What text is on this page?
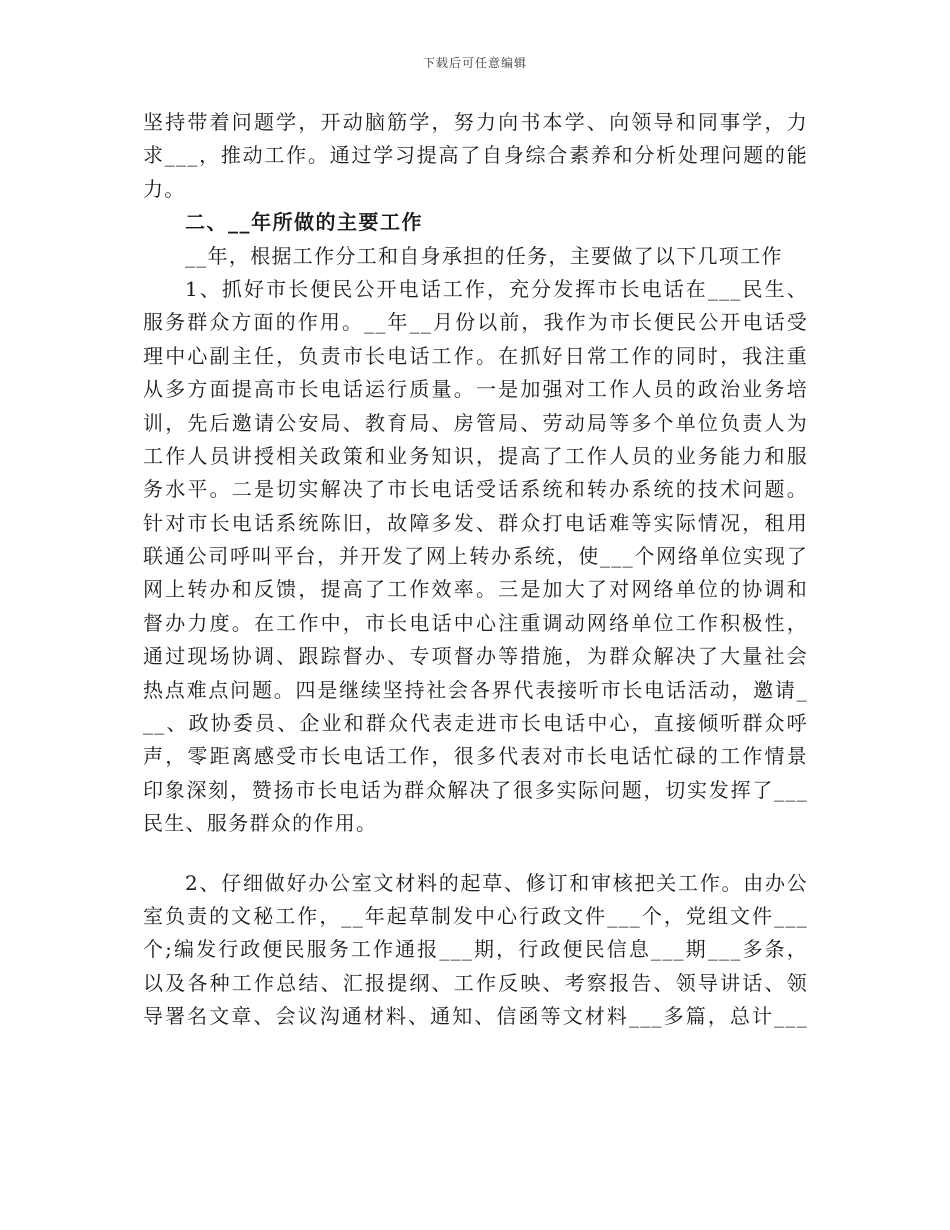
下载后可任意编辑
坚持带着问题学，开动脑筋学，努力向书本学、向领导和同事学，力
求___，推动工作。通过学习提高了自身综合素养和分析处理问题的能
力。
二、__年所做的主要工作
__年，根据工作分工和自身承担的任务，主要做了以下几项工作
1、抓好市长便民公开电话工作，充分发挥市长电话在___民生、
服务群众方面的作用。__年__月份以前，我作为市长便民公开电话受
理中心副主任，负责市长电话工作。在抓好日常工作的同时，我注重
从多方面提高市长电话运行质量。一是加强对工作人员的政治业务培
训，先后邀请公安局、教育局、房管局、劳动局等多个单位负责人为
工作人员讲授相关政策和业务知识，提高了工作人员的业务能力和服
务水平。二是切实解决了市长电话受话系统和转办系统的技术问题。
针对市长电话系统陈旧，故障多发、群众打电话难等实际情况，租用
联通公司呼叫平台，并开发了网上转办系统，使___个网络单位实现了
网上转办和反馈，提高了工作效率。三是加大了对网络单位的协调和
督办力度。在工作中，市长电话中心注重调动网络单位工作积极性，
通过现场协调、跟踪督办、专项督办等措施，为群众解决了大量社会
热点难点问题。四是继续坚持社会各界代表接听市长电话活动，邀请_
__、政协委员、企业和群众代表走进市长电话中心，直接倾听群众呼
声，零距离感受市长电话工作，很多代表对市长电话忙碌的工作情景
印象深刻，赞扬市长电话为群众解决了很多实际问题，切实发挥了___
民生、服务群众的作用。
2、仔细做好办公室文材料的起草、修订和审核把关工作。由办公
室负责的文秘工作，__年起草制发中心行政文件___个，党组文件___
个;编发行政便民服务工作通报___期，行政便民信息___期___多条，
以及各种工作总结、汇报提纲、工作反映、考察报告、领导讲话、领
导署名文章、会议沟通材料、通知、信函等文材料___多篇，总计___
